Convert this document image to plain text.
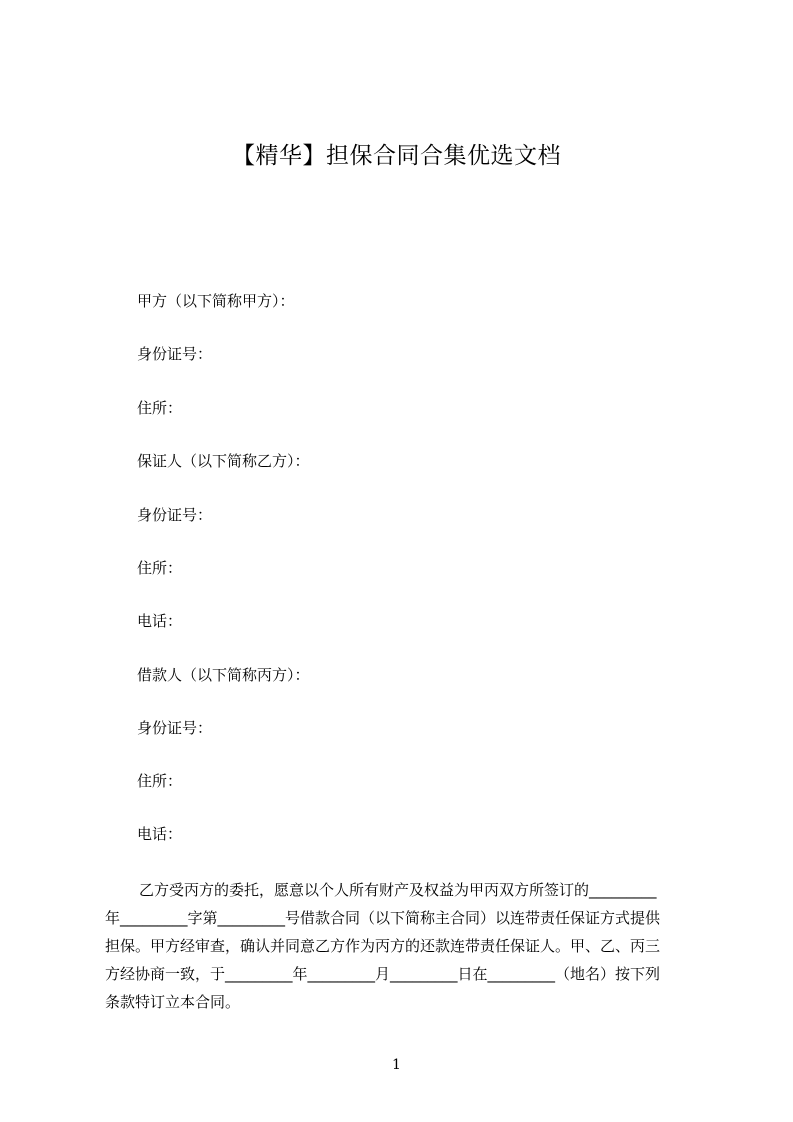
【精华】担保合同合集优选文档
甲方（以下简称甲方）：
身份证号：
住所：
保证人（以下简称乙方）：
身份证号：
住所：
电话：
借款人（以下简称丙方）：
身份证号：
住所：
电话：
乙方受丙方的委托，愿意以个人所有财产及权益为甲丙双方所签订的_________
年_________字第_________号借款合同（以下简称主合同）以连带责任保证方式提供
担保。甲方经审查，确认并同意乙方作为丙方的还款连带责任保证人。甲、乙、丙三
方经协商一致，于_________年_________月_________日在_________（地名）按下列
条款特订立本合同。
1
